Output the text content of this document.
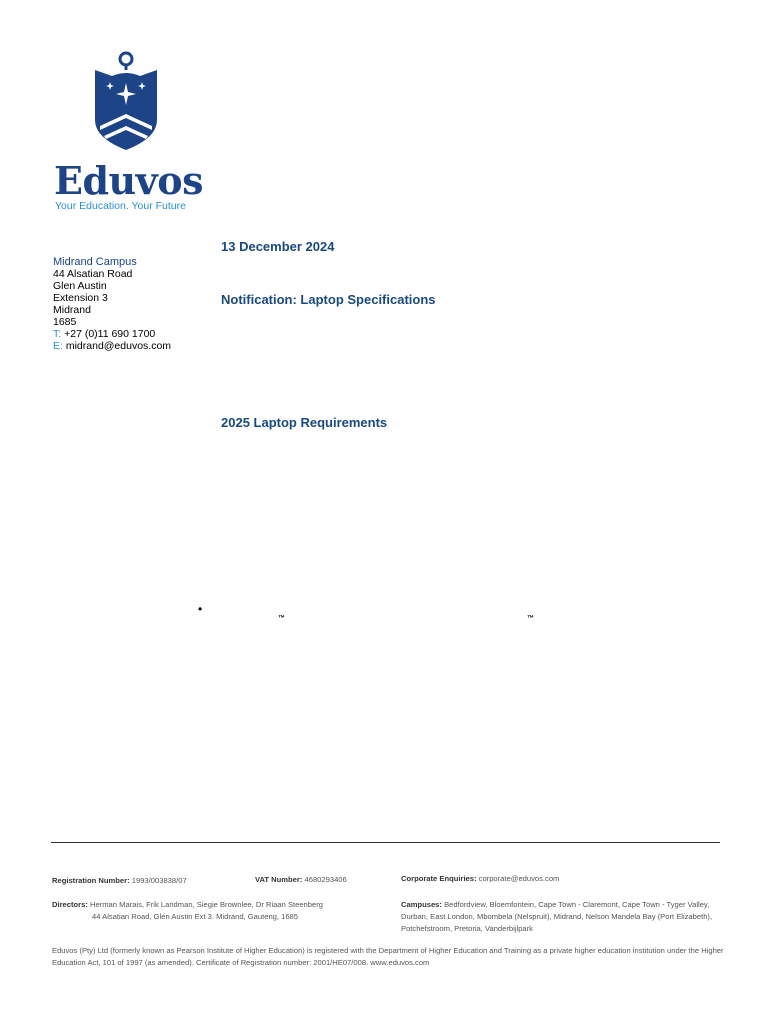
Eduvos
Your Education. Your Future
Midrand Campus
44 Alsatian Road
Glen Austin
Extension 3
Midrand
1685
T: +27 (0)11 690 1700
E: midrand@eduvos.com
13 December 2024
Notification: Laptop Specifications
2025 Laptop Requirements
•
™	™
Registration Number: 1993/003838/07	VAT Number: 4680293406	Corporate Enquiries: corporate@eduvos.com
Directors: Herman Marais, Frik Landman, Siegie Brownlee, Dr Riaan Steenberg
44 Alsatian Road, Glen Austin Ext 3. Midrand, Gauteng, 1685
Campuses: Bedfordview, Bloemfontein, Cape Town - Claremont, Cape Town - Tyger Valley, Durban, East London, Mbombela (Nelspruit), Midrand, Nelson Mandela Bay (Port Elizabeth), Potchefstroom, Pretoria, Vanderbijlpark
Eduvos (Pty) Ltd (formerly known as Pearson Institute of Higher Education) is registered with the Department of Higher Education and Training as a private higher education institution under the Higher Education Act, 101 of 1997 (as amended). Certificate of Registration number: 2001/HE07/008. www.eduvos.com
